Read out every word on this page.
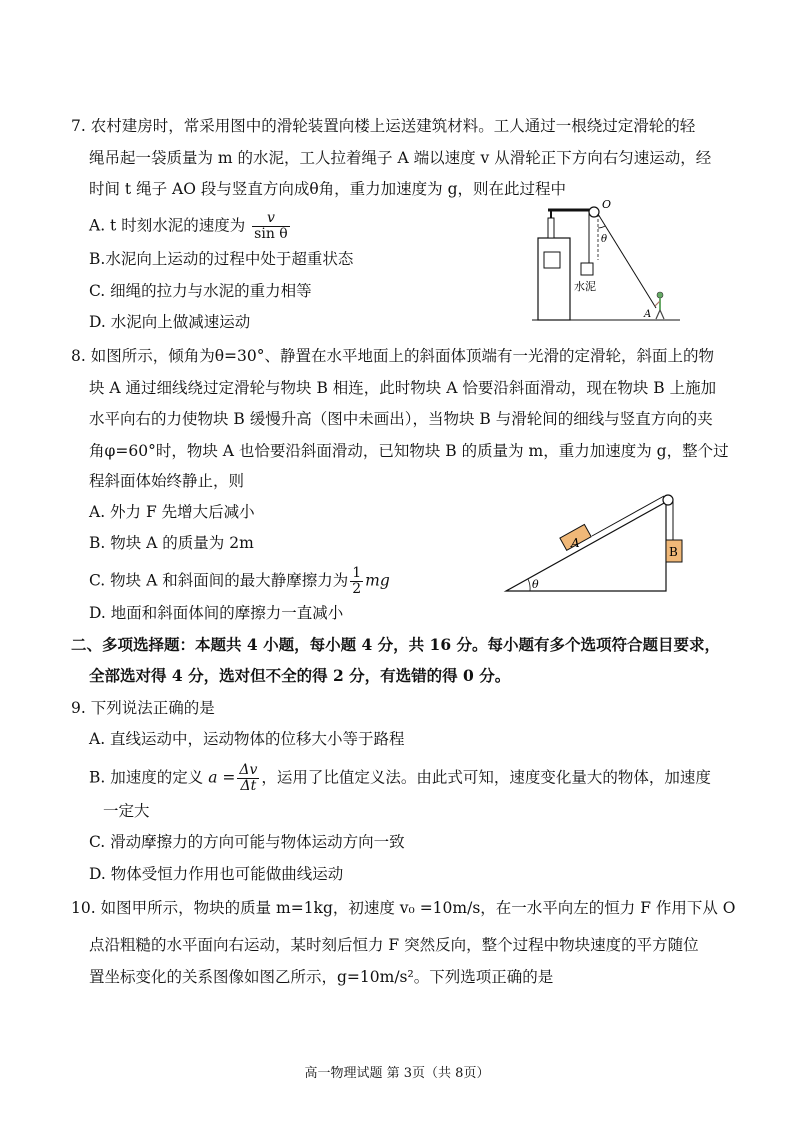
7. 农村建房时，常采用图中的滑轮装置向楼上运送建筑材料。工人通过一根绕过定滑轮的轻
绳吊起一袋质量为 m 的水泥，工人拉着绳子 A 端以速度 v 从滑轮正下方向右匀速运动，经
时间 t 绳子 AO 段与竖直方向成θ角，重力加速度为 g，则在此过程中
A. t 时刻水泥的速度为 $\frac{v}{\text{sin θ}}$
B.水泥向上运动的过程中处于超重状态
C. 细绳的拉力与水泥的重力相等
D. 水泥向上做减速运动
O
θ
水泥
A
8. 如图所示，倾角为θ=30°、静置在水平地面上的斜面体顶端有一光滑的定滑轮，斜面上的物
块 A 通过细线绕过定滑轮与物块 B 相连，此时物块 A 恰要沿斜面滑动，现在物块 B 上施加
水平向右的力使物块 B 缓慢升高（图中未画出），当物块 B 与滑轮间的细线与竖直方向的夹
角φ=60°时，物块 A 也恰要沿斜面滑动，已知物块 B 的质量为 m，重力加速度为 g，整个过
程斜面体始终静止，则
A. 外力 F 先增大后减小
B. 物块 A 的质量为 2m
C. 物块 A 和斜面间的最大静摩擦力为 $\frac{1}{2}$ mg
D. 地面和斜面体间的摩擦力一直减小
A
B
θ
二、多项选择题：本题共 4 小题，每小题 4 分，共 16 分。每小题有多个选项符合题目要求，
全部选对得 4 分，选对但不全的得 2 分，有选错的得 0 分。
9. 下列说法正确的是
A. 直线运动中，运动物体的位移大小等于路程
B. 加速度的定义 $a = \frac{\Delta v}{\Delta t}$ ，运用了比值定义法。由此式可知，速度变化量大的物体，加速度
一定大
C. 滑动摩擦力的方向可能与物体运动方向一致
D. 物体受恒力作用也可能做曲线运动
10. 如图甲所示，物块的质量 m=1kg，初速度 v₀ =10m/s，在一水平向左的恒力 F 作用下从 O
点沿粗糙的水平面向右运动，某时刻后恒力 F 突然反向，整个过程中物块速度的平方随位
置坐标变化的关系图像如图乙所示，g=10m/s²。下列选项正确的是
高一物理试题 第 3页（共 8页）
